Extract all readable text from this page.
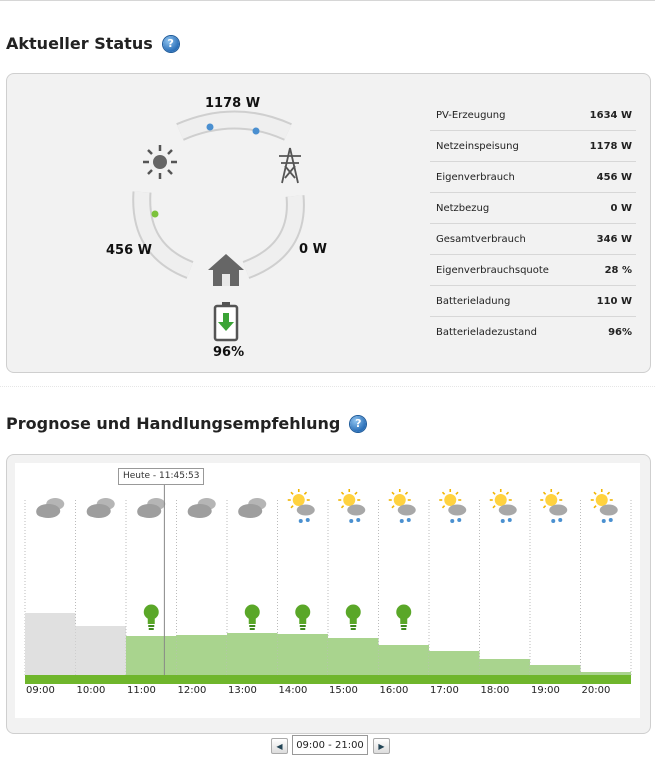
Aktueller Status	?
1178 W
456 W	0 W
96%
PV-Erzeugung	1634 W
Netzeinspeisung	1178 W
Eigenverbrauch	456 W
Netzbezug	0 W
Gesamtverbrauch	346 W
Eigenverbrauchsquote	28 %
Batterieladung	110 W
Batterieladezustand	96%
Prognose und Handlungsempfehlung	?
09:00 10:00 11:00 12:00 13:00 14:00 15:00 16:00 17:00 18:00 19:00 20:00
Heute - 11:45:53
◀	09:00 - 21:00	▶
